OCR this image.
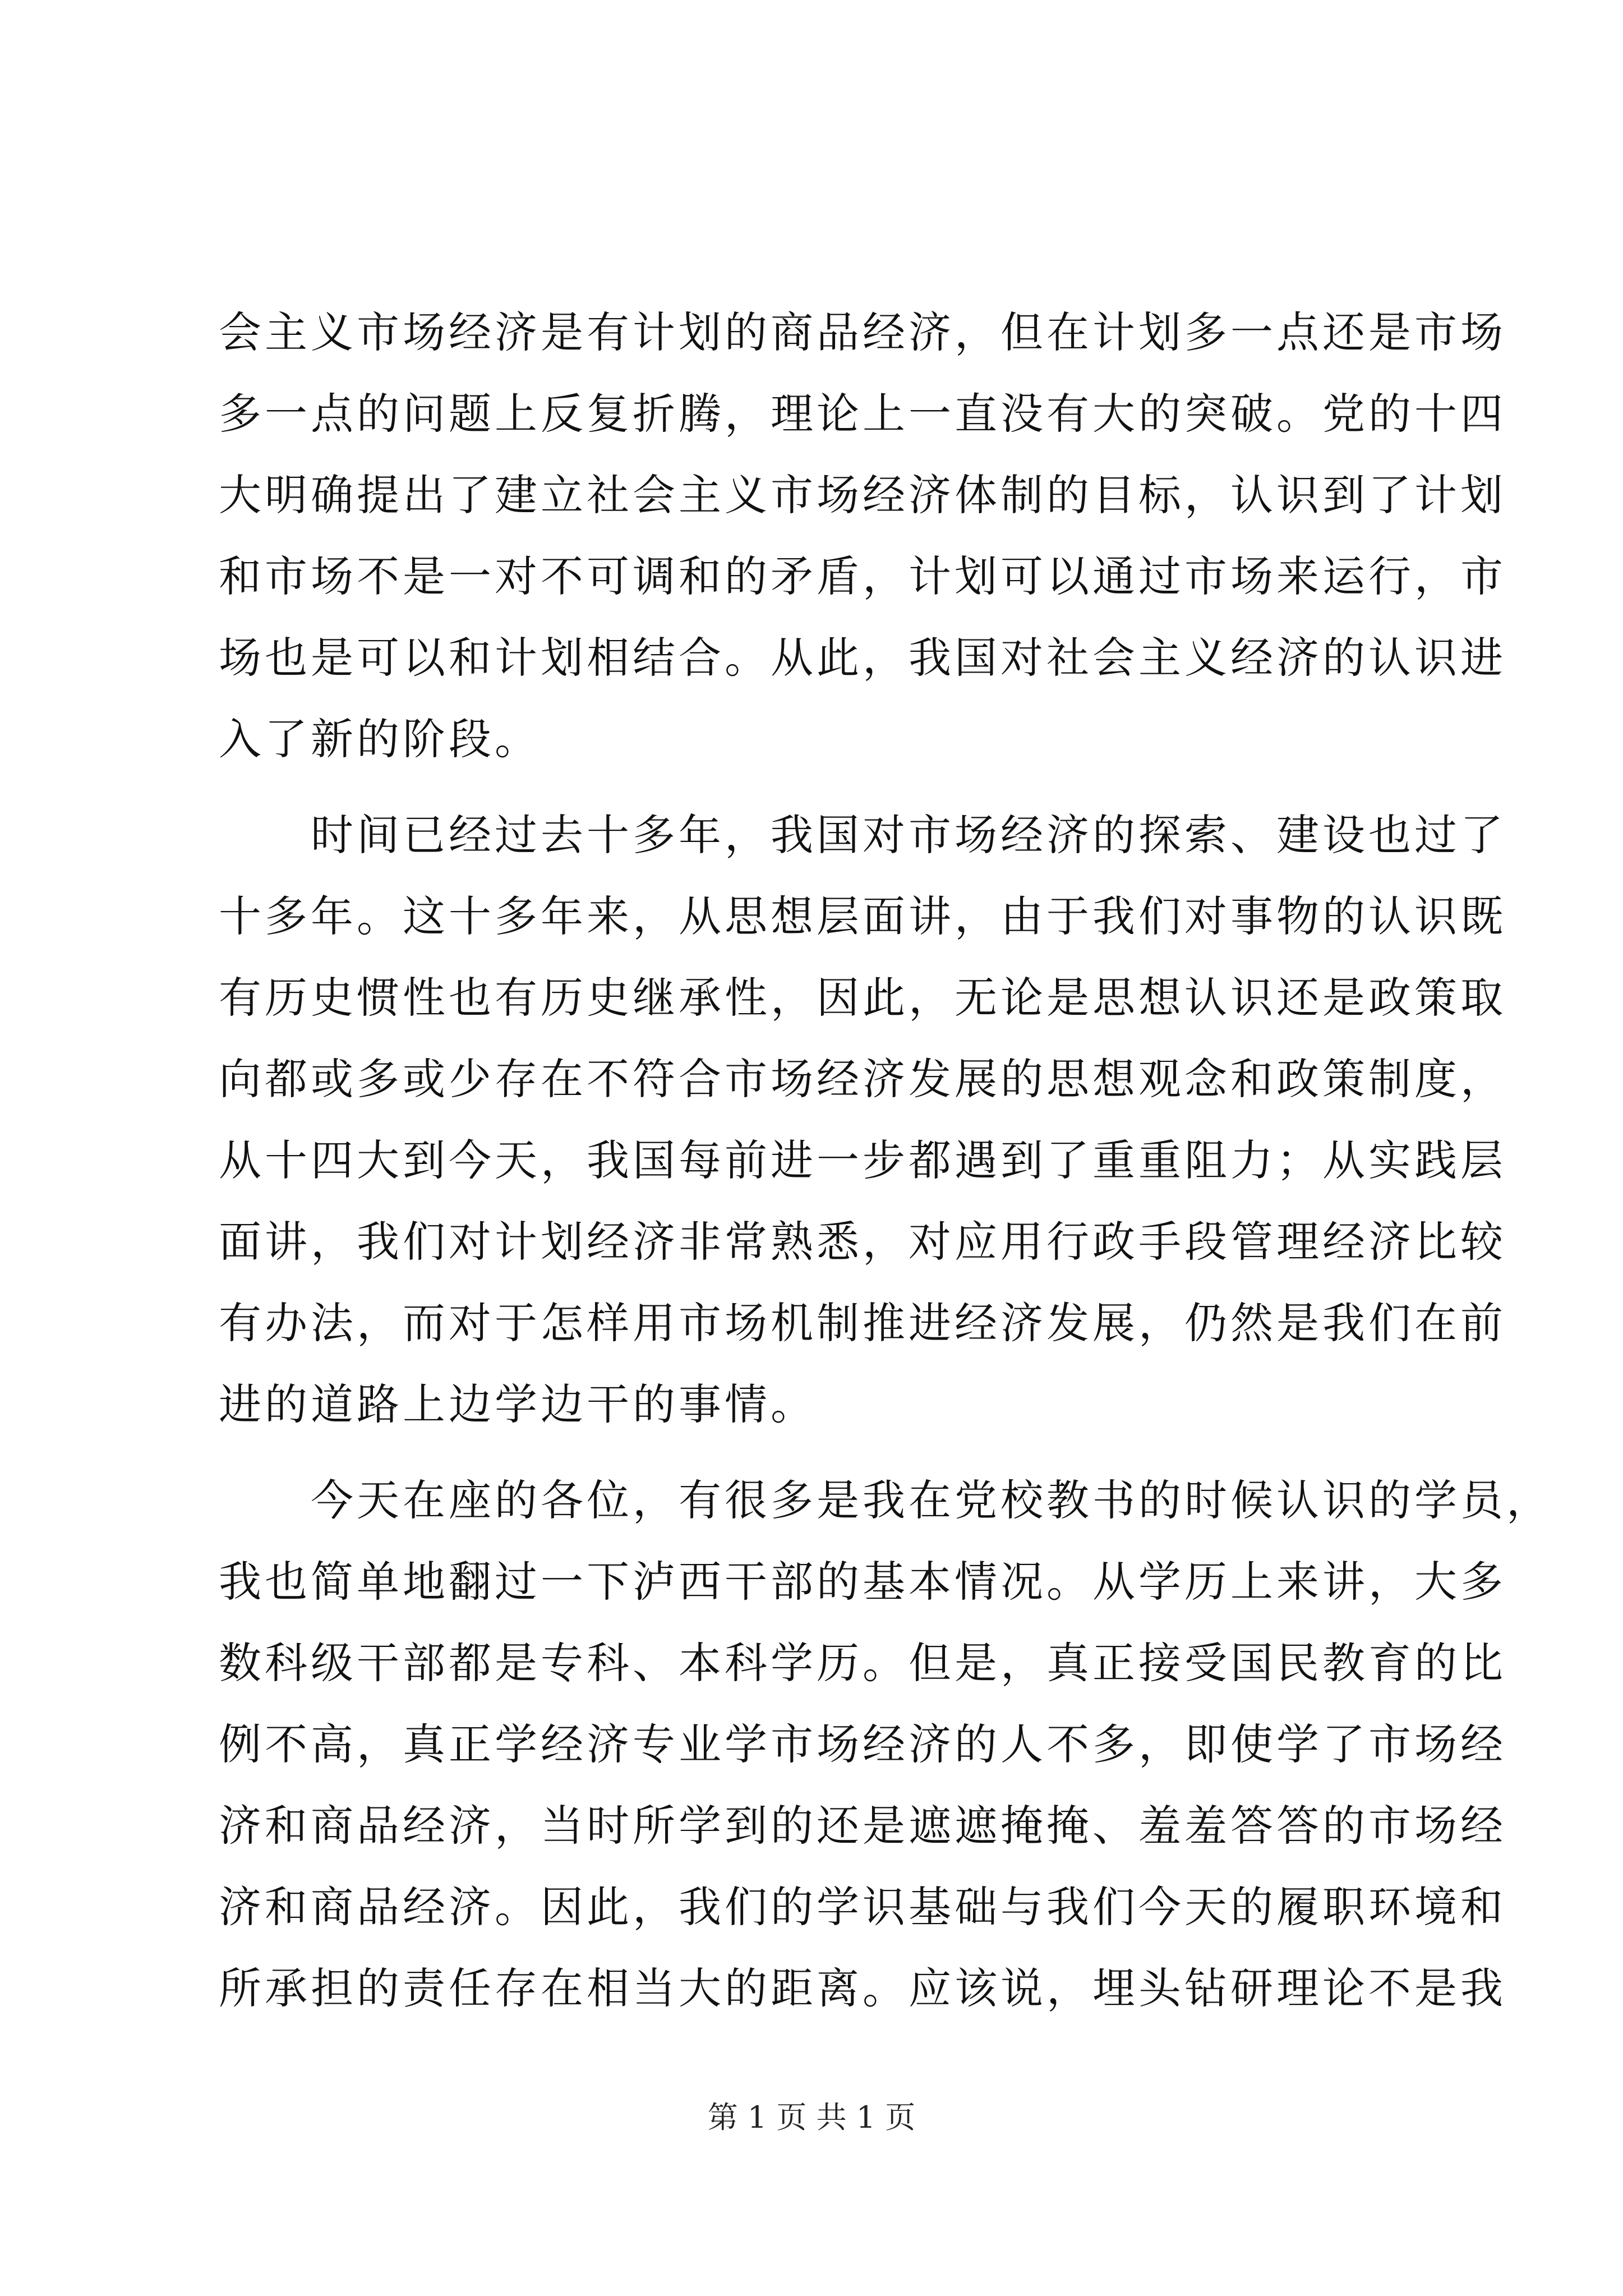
会主义市场经济是有计划的商品经济，但在计划多一点还是市场
多一点的问题上反复折腾，理论上一直没有大的突破。党的十四
大明确提出了建立社会主义市场经济体制的目标，认识到了计划
和市场不是一对不可调和的矛盾，计划可以通过市场来运行，市
场也是可以和计划相结合。从此，我国对社会主义经济的认识进
入了新的阶段。
　　时间已经过去十多年，我国对市场经济的探索、建设也过了
十多年。这十多年来，从思想层面讲，由于我们对事物的认识既
有历史惯性也有历史继承性，因此，无论是思想认识还是政策取
向都或多或少存在不符合市场经济发展的思想观念和政策制度，
从十四大到今天，我国每前进一步都遇到了重重阻力；从实践层
面讲，我们对计划经济非常熟悉，对应用行政手段管理经济比较
有办法，而对于怎样用市场机制推进经济发展，仍然是我们在前
进的道路上边学边干的事情。
　　今天在座的各位，有很多是我在党校教书的时候认识的学员，
我也简单地翻过一下泸西干部的基本情况。从学历上来讲，大多
数科级干部都是专科、本科学历。但是，真正接受国民教育的比
例不高，真正学经济专业学市场经济的人不多，即使学了市场经
济和商品经济，当时所学到的还是遮遮掩掩、羞羞答答的市场经
济和商品经济。因此，我们的学识基础与我们今天的履职环境和
所承担的责任存在相当大的距离。应该说，埋头钻研理论不是我
第 1 页 共 1 页
